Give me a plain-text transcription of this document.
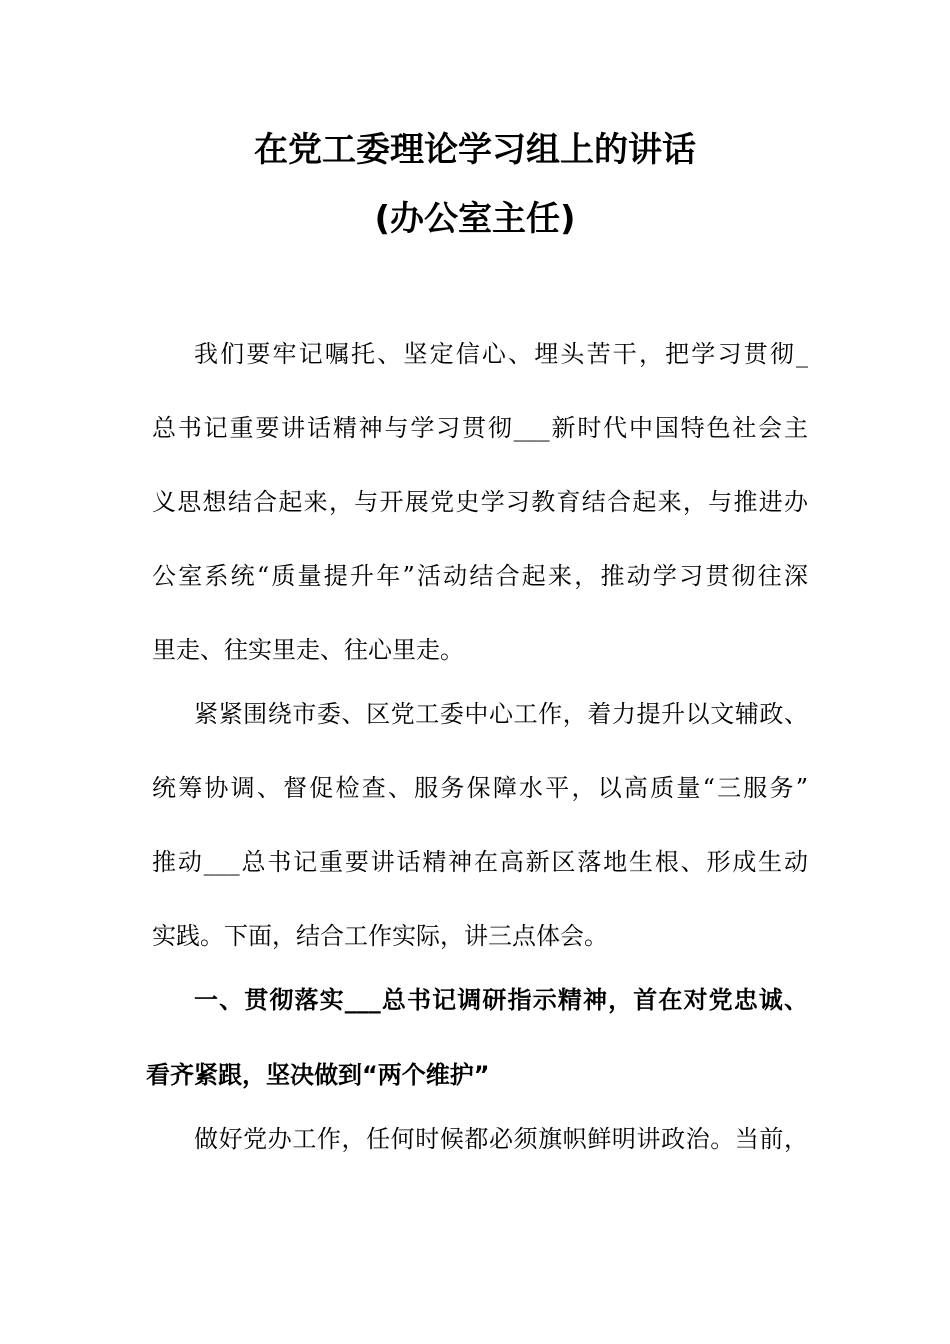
在党工委理论学习组上的讲话
(办公室主任)
我们要牢记嘱托、坚定信心、埋头苦干，把学习贯彻_
总书记重要讲话精神与学习贯彻___新时代中国特色社会主
义思想结合起来，与开展党史学习教育结合起来，与推进办
公室系统“质量提升年”活动结合起来，推动学习贯彻往深
里走、往实里走、往心里走。
紧紧围绕市委、区党工委中心工作，着力提升以文辅政、
统筹协调、督促检查、服务保障水平，以高质量“三服务”
推动___总书记重要讲话精神在高新区落地生根、形成生动
实践。下面，结合工作实际，讲三点体会。
一、贯彻落实___总书记调研指示精神，首在对党忠诚、
看齐紧跟，坚决做到“两个维护”
做好党办工作，任何时候都必须旗帜鲜明讲政治。当前，
